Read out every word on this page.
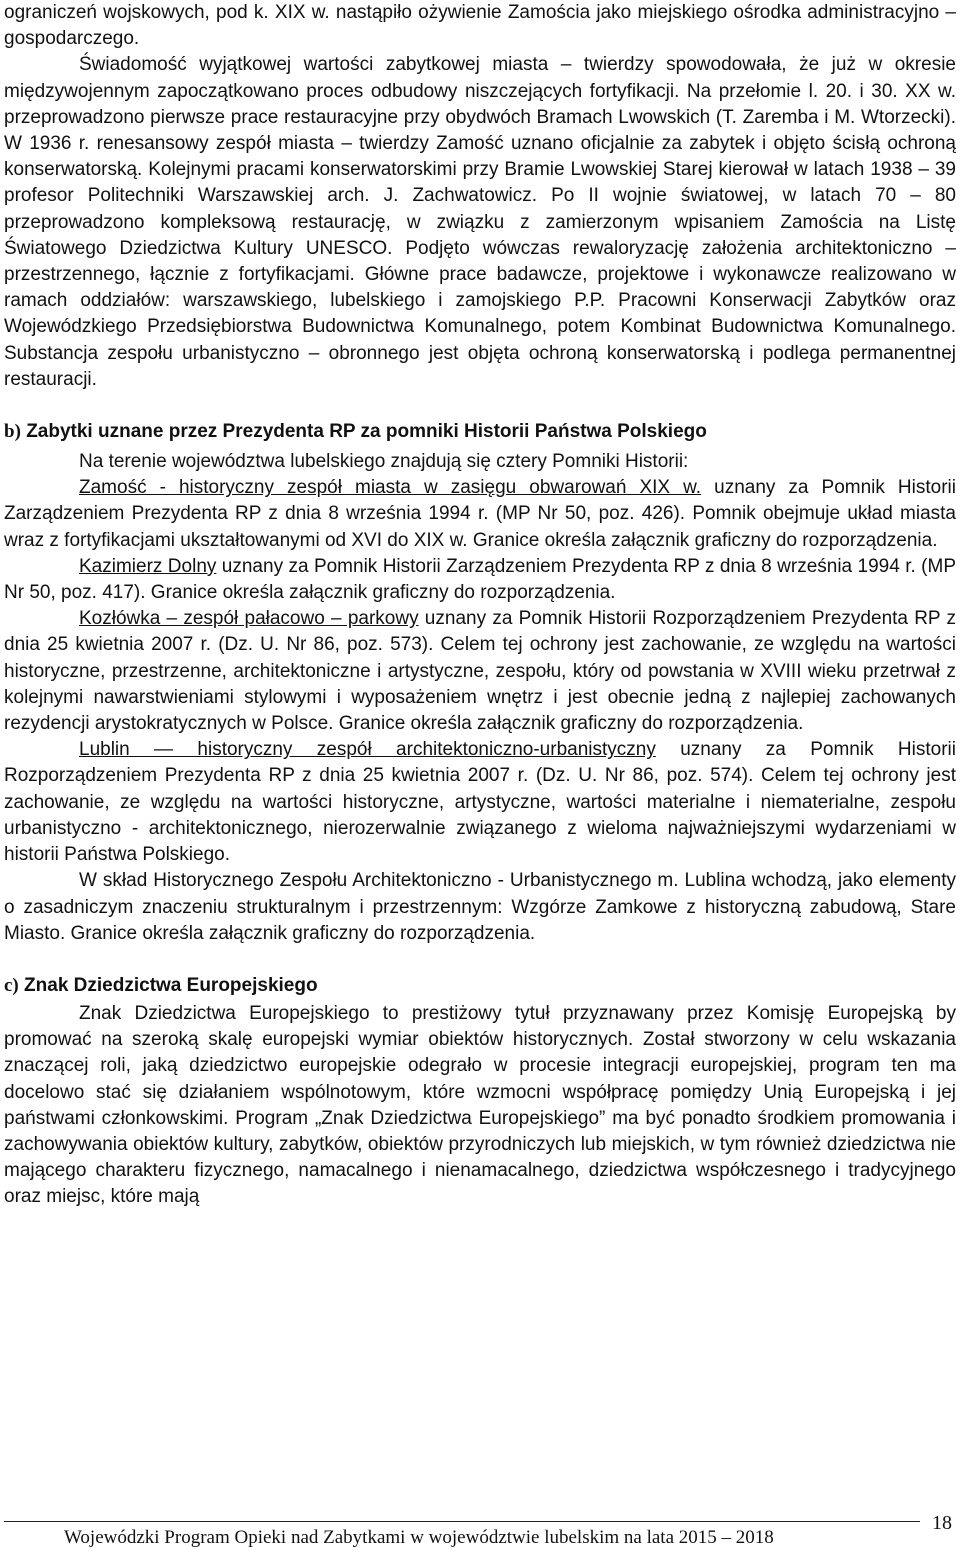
ograniczeń wojskowych, pod k. XIX w. nastąpiło ożywienie Zamościa jako miejskiego ośrodka administracyjno – gospodarczego.

Świadomość wyjątkowej wartości zabytkowej miasta – twierdzy spowodowała, że już w okresie międzywojennym zapoczątkowano proces odbudowy niszczejących fortyfikacji. Na przełomie l. 20. i 30. XX w. przeprowadzono pierwsze prace restauracyjne przy obydwóch Bramach Lwowskich (T. Zaremba i M. Wtorzecki). W 1936 r. renesansowy zespół miasta – twierdzy Zamość uznano oficjalnie za zabytek i objęto ścisłą ochroną konserwatorską. Kolejnymi pracami konserwatorskimi przy Bramie Lwowskiej Starej kierował w latach 1938 – 39 profesor Politechniki Warszawskiej arch. J. Zachwatowicz. Po II wojnie światowej, w latach 70 – 80 przeprowadzono kompleksową restaurację, w związku z zamierzonym wpisaniem Zamościa na Listę Światowego Dziedzictwa Kultury UNESCO. Podjęto wówczas rewaloryzację założenia architektoniczno – przestrzennego, łącznie z fortyfikacjami. Główne prace badawcze, projektowe i wykonawcze realizowano w ramach oddziałów: warszawskiego, lubelskiego i zamojskiego P.P. Pracowni Konserwacji Zabytków oraz Wojewódzkiego Przedsiębiorstwa Budownictwa Komunalnego, potem Kombinat Budownictwa Komunalnego. Substancja zespołu urbanistyczno – obronnego jest objęta ochroną konserwatorską i podlega permanentnej restauracji.

b) Zabytki uznane przez Prezydenta RP za pomniki Historii Państwa Polskiego

Na terenie województwa lubelskiego znajdują się cztery Pomniki Historii:

Zamość - historyczny zespół miasta w zasięgu obwarowań XIX w. uznany za Pomnik Historii Zarządzeniem Prezydenta RP z dnia 8 września 1994 r. (MP Nr 50, poz. 426). Pomnik obejmuje układ miasta wraz z fortyfikacjami ukształtowanymi od XVI do XIX w. Granice określa załącznik graficzny do rozporządzenia.

Kazimierz Dolny uznany za Pomnik Historii Zarządzeniem Prezydenta RP z dnia 8 września 1994 r. (MP Nr 50, poz. 417). Granice określa załącznik graficzny do rozporządzenia.

Kozłówka – zespół pałacowo – parkowy uznany za Pomnik Historii Rozporządzeniem Prezydenta RP z dnia 25 kwietnia 2007 r. (Dz. U. Nr 86, poz. 573). Celem tej ochrony jest zachowanie, ze względu na wartości historyczne, przestrzenne, architektoniczne i artystyczne, zespołu, który od powstania w XVIII wieku przetrwał z kolejnymi nawarstwieniami stylowymi i wyposażeniem wnętrz i jest obecnie jedną z najlepiej zachowanych rezydencji arystokratycznych w Polsce. Granice określa załącznik graficzny do rozporządzenia.

Lublin — historyczny zespół architektoniczno-urbanistyczny uznany za Pomnik Historii Rozporządzeniem Prezydenta RP z dnia 25 kwietnia 2007 r. (Dz. U. Nr 86, poz. 574). Celem tej ochrony jest zachowanie, ze względu na wartości historyczne, artystyczne, wartości materialne i niematerialne, zespołu urbanistyczno - architektonicznego, nierozerwalnie związanego z wieloma najważniejszymi wydarzeniami w historii Państwa Polskiego.

W skład Historycznego Zespołu Architektoniczno - Urbanistycznego m. Lublina wchodzą, jako elementy o zasadniczym znaczeniu strukturalnym i przestrzennym: Wzgórze Zamkowe z historyczną zabudową, Stare Miasto. Granice określa załącznik graficzny do rozporządzenia.

c) Znak Dziedzictwa Europejskiego

Znak Dziedzictwa Europejskiego to prestiżowy tytuł przyznawany przez Komisję Europejską by promować na szeroką skalę europejski wymiar obiektów historycznych. Został stworzony w celu wskazania znaczącej roli, jaką dziedzictwo europejskie odegrało w procesie integracji europejskiej, program ten ma docelowo stać się działaniem wspólnotowym, które wzmocni współpracę pomiędzy Unią Europejską i jej państwami członkowskimi. Program „Znak Dziedzictwa Europejskiego” ma być ponadto środkiem promowania i zachowywania obiektów kultury, zabytków, obiektów przyrodniczych lub miejskich, w tym również dziedzictwa nie mającego charakteru fizycznego, namacalnego i nienamacalnego, dziedzictwa współczesnego i tradycyjnego oraz miejsc, które mają

Wojewódzki Program Opieki nad Zabytkami w województwie lubelskim na lata 2015 – 2018
18
